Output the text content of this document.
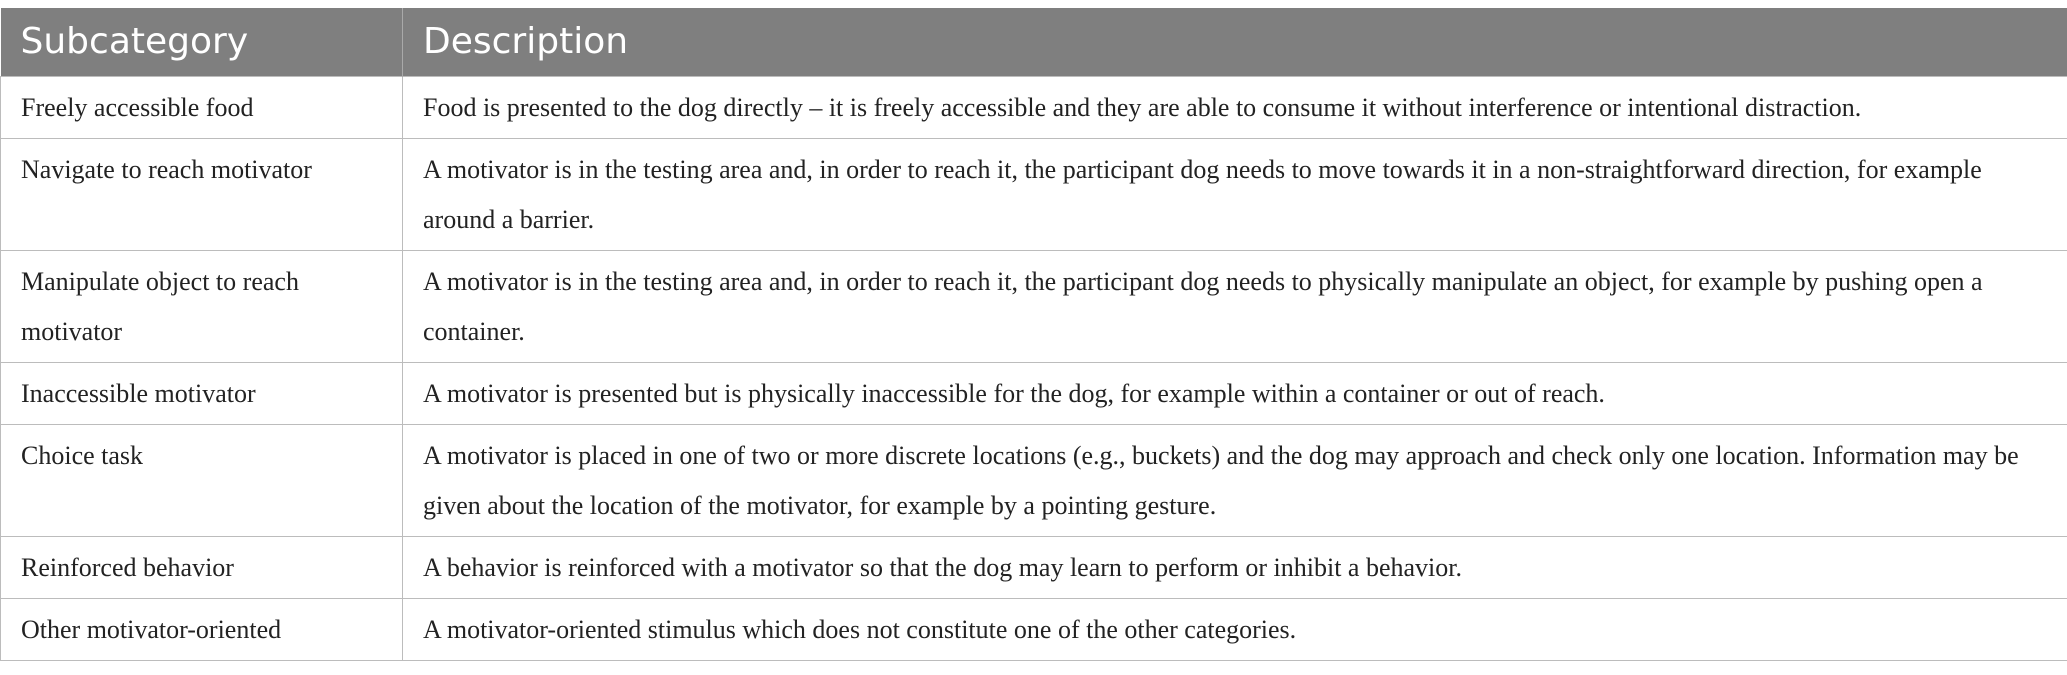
Subcategory	Description
Freely accessible food	Food is presented to the dog directly – it is freely accessible and they are able to consume it without interference or intentional distraction.
Navigate to reach motivator	A motivator is in the testing area and, in order to reach it, the participant dog needs to move towards it in a non-straightforward direction, for example around a barrier.
Manipulate object to reach motivator	A motivator is in the testing area and, in order to reach it, the participant dog needs to physically manipulate an object, for example by pushing open a container.
Inaccessible motivator	A motivator is presented but is physically inaccessible for the dog, for example within a container or out of reach.
Choice task	A motivator is placed in one of two or more discrete locations (e.g., buckets) and the dog may approach and check only one location. Information may be given about the location of the motivator, for example by a pointing gesture.
Reinforced behavior	A behavior is reinforced with a motivator so that the dog may learn to perform or inhibit a behavior.
Other motivator-oriented	A motivator-oriented stimulus which does not constitute one of the other categories.
